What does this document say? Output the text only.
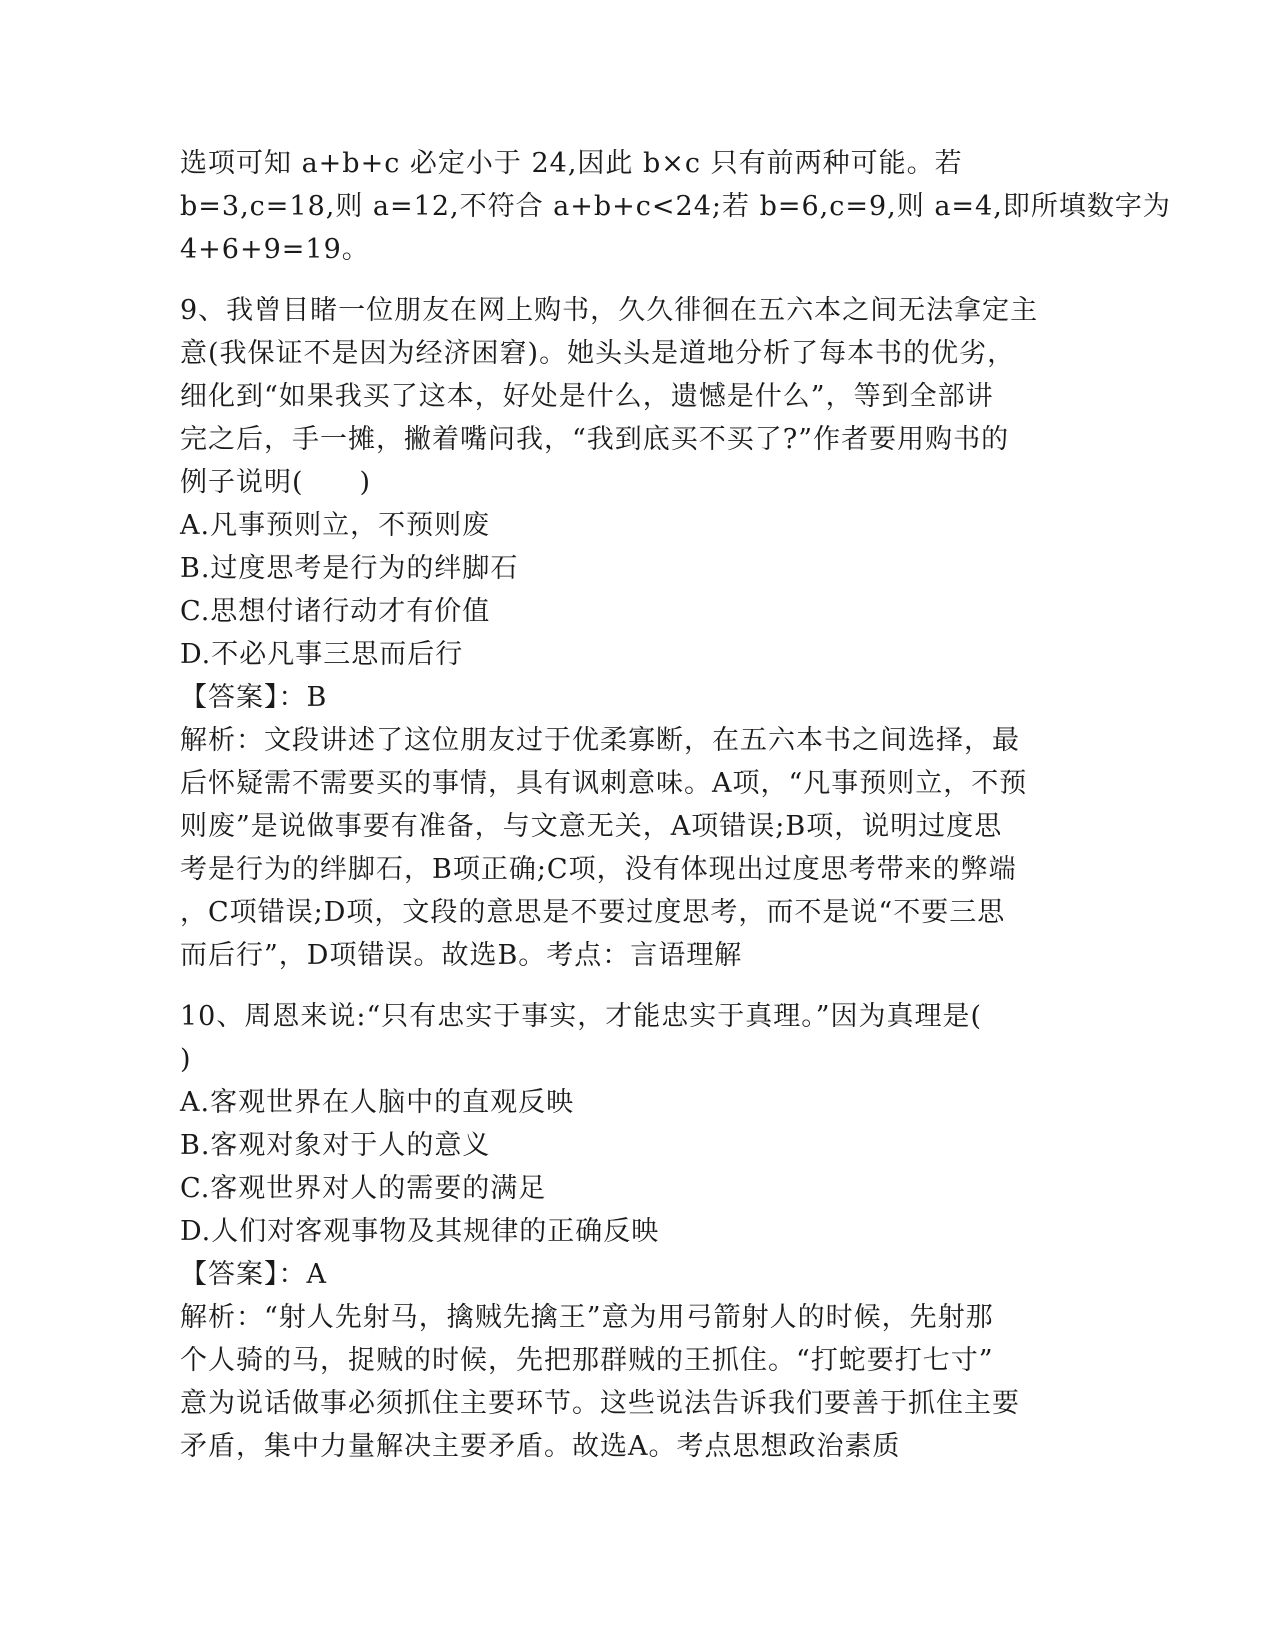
选项可知 a+b+c 必定小于 24,因此 b×c 只有前两种可能。若
b=3,c=18,则 a=12,不符合 a+b+c<24;若 b=6,c=9,则 a=4,即所填数字为
4+6+9=19。
9、我曾目睹一位朋友在网上购书，久久徘徊在五六本之间无法拿定主
意(我保证不是因为经济困窘)。她头头是道地分析了每本书的优劣，
细化到“如果我买了这本，好处是什么，遗憾是什么”，等到全部讲
完之后，手一摊，撇着嘴问我，“我到底买不买了?”作者要用购书的
例子说明(　　)
A.凡事预则立，不预则废
B.过度思考是行为的绊脚石
C.思想付诸行动才有价值
D.不必凡事三思而后行
【答案】：B
解析：文段讲述了这位朋友过于优柔寡断，在五六本书之间选择，最
后怀疑需不需要买的事情，具有讽刺意味。A项，“凡事预则立，不预
则废”是说做事要有准备，与文意无关，A项错误;B项，说明过度思
考是行为的绊脚石，B项正确;C项，没有体现出过度思考带来的弊端
，C项错误;D项，文段的意思是不要过度思考，而不是说“不要三思
而后行”，D项错误。故选B。考点：言语理解
10、周恩来说:“只有忠实于事实，才能忠实于真理。”因为真理是(
)
A.客观世界在人脑中的直观反映
B.客观对象对于人的意义
C.客观世界对人的需要的满足
D.人们对客观事物及其规律的正确反映
【答案】：A
解析：“射人先射马，擒贼先擒王”意为用弓箭射人的时候，先射那
个人骑的马，捉贼的时候，先把那群贼的王抓住。“打蛇要打七寸”
意为说话做事必须抓住主要环节。这些说法告诉我们要善于抓住主要
矛盾，集中力量解决主要矛盾。故选A。考点思想政治素质
